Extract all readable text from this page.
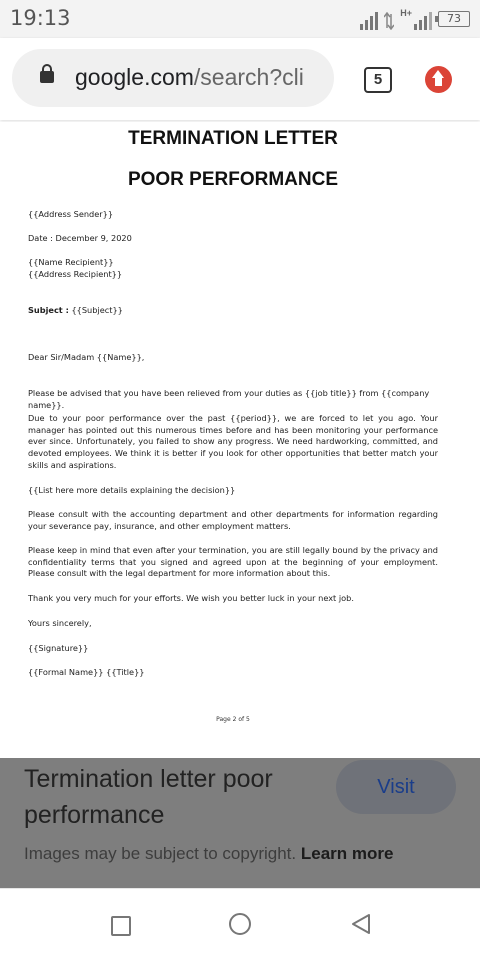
19:13	H+	73
google.com/search?cli	5
TERMINATION LETTER
POOR PERFORMANCE
{{Address Sender}}
Date : December 9, 2020
{{Name Recipient}}
{{Address Recipient}}
Subject : {{Subject}}
Dear Sir/Madam {{Name}},
Please be advised that you have been relieved from your duties as {{job title}} from {{company name}}.
Due to your poor performance over the past {{period}}, we are forced to let you ago. Your manager has pointed out this numerous times before and has been monitoring your performance ever since. Unfortunately, you failed to show any progress. We need hardworking, committed, and devoted employees. We think it is better if you look for other opportunities that better match your skills and aspirations.
{{List here more details explaining the decision}}
Please consult with the accounting department and other departments for information regarding your severance pay, insurance, and other employment matters.
Please keep in mind that even after your termination, you are still legally bound by the privacy and confidentiality terms that you signed and agreed upon at the beginning of your employment. Please consult with the legal department for more information about this.
Thank you very much for your efforts. We wish you better luck in your next job.
Yours sincerely,
{{Signature}}
{{Formal Name}} {{Title}}
Page 2 of 5
Termination letter poor performance
Visit
Images may be subject to copyright. Learn more
